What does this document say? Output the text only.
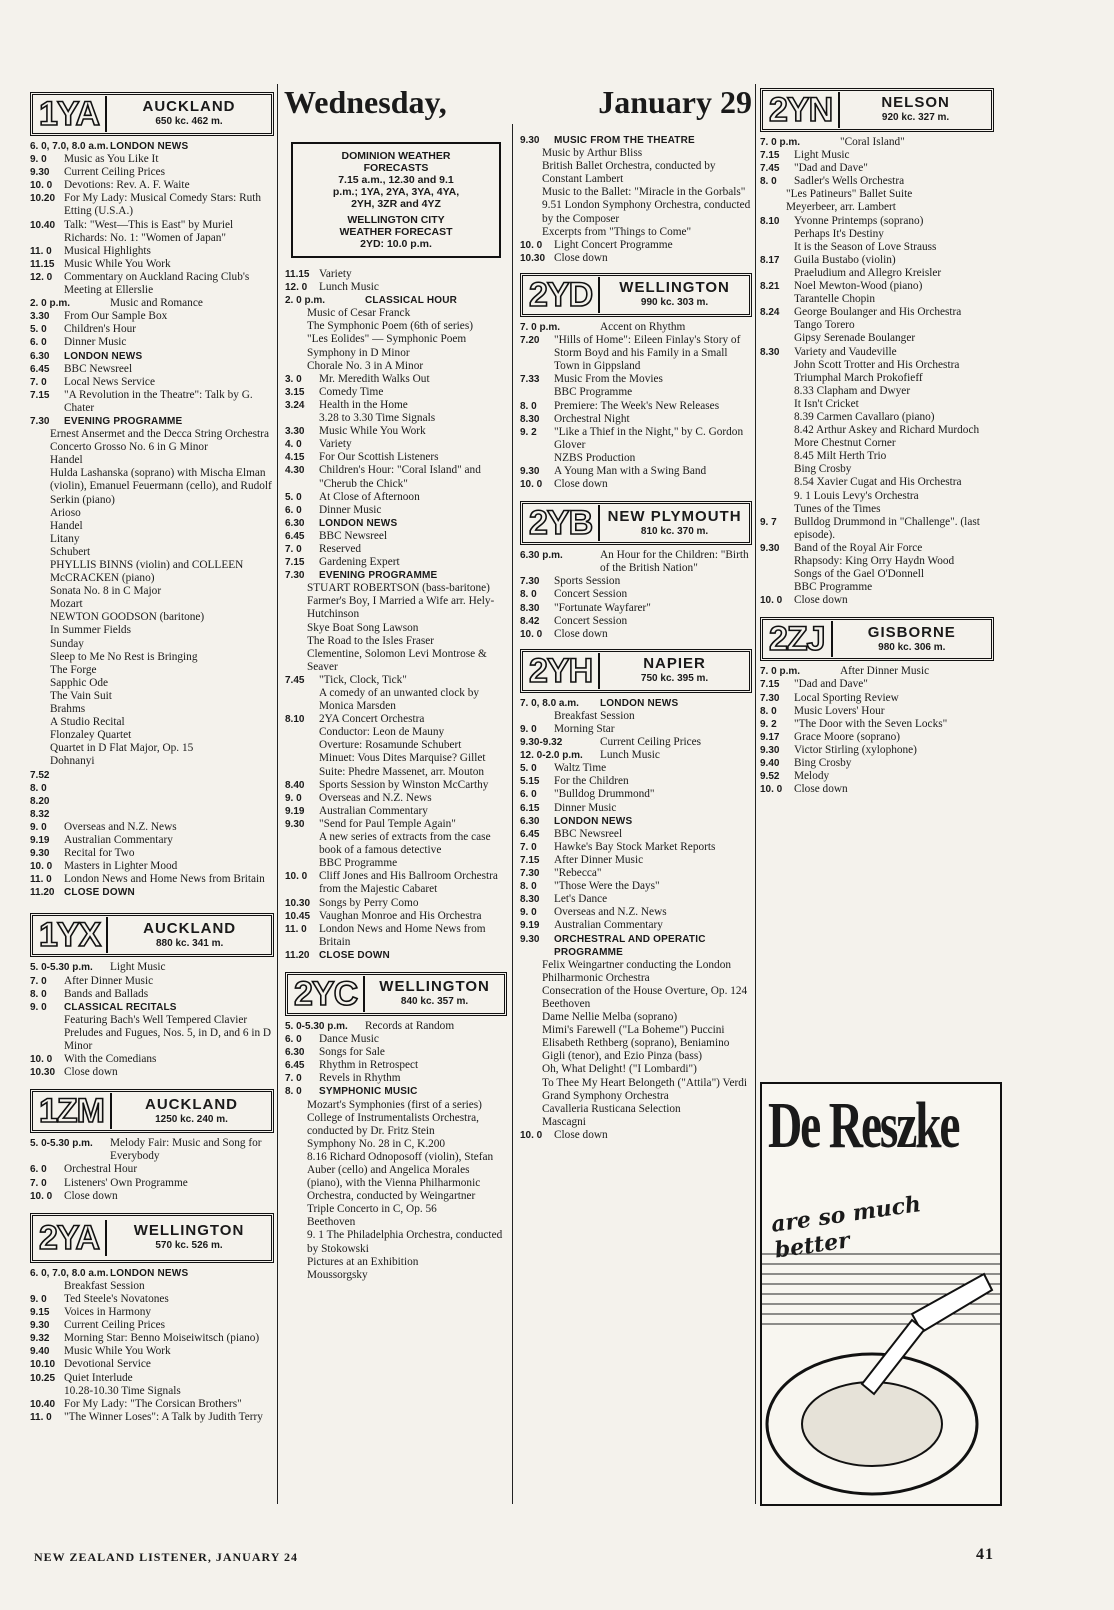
Wednesday,	January 29
1YA	AUCKLAND
650 kc. 462 m.
6. 0, 7.0, 8.0 a.m. LONDON NEWS
9. 0	Music as You Like It
9.30	Current Ceiling Prices
10. 0	Devotions: Rev. A. F. Waite
10.20 For My Lady: Musical Comedy Stars: Ruth Etting (U.S.A.)
10.40 Talk: "West—This is East" by Muriel Richards: No. 1: "Women of Japan"
11. 0	Musical Highlights
11.15 Music While You Work
12. 0	Commentary on Auckland Racing Club's Meeting at Ellerslie
2. 0 p.m.	Music and Romance
3.30	From Our Sample Box
5. 0	Children's Hour
6. 0	Dinner Music
6.30	LONDON NEWS
6.45	BBC Newsreel
7. 0	Local News Service
7.15	"A Revolution in the Theatre": Talk by G. Chater
7.30	EVENING PROGRAMME
Ernest Ansermet and the Decca String Orchestra
Concerto Grosso No. 6 in G Minor
Handel
Hulda Lashanska (soprano) with Mischa Elman (violin), Emanuel Feuermann (cello), and Rudolf Serkin (piano)
Arioso
Handel
Litany
Schubert
PHYLLIS BINNS (violin) and COLLEEN McCRACKEN (piano)
Sonata No. 8 in C Major
Mozart
NEWTON GOODSON (baritone)
In Summer Fields
Sunday
Sleep to Me No Rest is Bringing
The Forge
Sapphic Ode
The Vain Suit
Brahms
A Studio Recital
Flonzaley Quartet
Quartet in D Flat Major, Op. 15
Dohnanyi
7.52
8. 0
8.20
8.32
9. 0	Overseas and N.Z. News
9.19	Australian Commentary
9.30	Recital for Two
10. 0	Masters in Lighter Mood
11. 0	London News and Home News from Britain
11.20 CLOSE DOWN
1YX	AUCKLAND
880 kc. 341 m.
5. 0-5.30 p.m.	Light Music
7. 0	After Dinner Music
8. 0	Bands and Ballads
9. 0	CLASSICAL RECITALS
Featuring Bach's Well Tempered Clavier
Preludes and Fugues, Nos. 5, in D, and 6 in D Minor
10. 0	With the Comedians
10.30 Close down
1ZM	AUCKLAND
1250 kc. 240 m.
5. 0-5.30 p.m.	Melody Fair: Music and Song for Everybody
6. 0	Orchestral Hour
7. 0	Listeners' Own Programme
10. 0	Close down
2YA	WELLINGTON
570 kc. 526 m.
6. 0, 7.0, 8.0 a.m. LONDON NEWS
Breakfast Session
9. 0	Ted Steele's Novatones
9.15	Voices in Harmony
9.30	Current Ceiling Prices
9.32	Morning Star: Benno Moiseiwitsch (piano)
9.40	Music While You Work
10.10 Devotional Service
10.25 Quiet Interlude
10.28-10.30 Time Signals
10.40 For My Lady: "The Corsican Brothers"
11. 0	"The Winner Loses": A Talk by Judith Terry
DOMINION WEATHER
FORECASTS
7.15 a.m., 12.30 and 9.1
p.m.; 1YA, 2YA, 3YA, 4YA,
2YH, 3ZR and 4YZ
WELLINGTON CITY
WEATHER FORECAST
2YD: 10.0 p.m.
11.15 Variety
12. 0	Lunch Music
2. 0 p.m.	CLASSICAL HOUR
Music of Cesar Franck
The Symphonic Poem (6th of series)
"Les Eolides" — Symphonic Poem
Symphony in D Minor
Chorale No. 3 in A Minor
3. 0	Mr. Meredith Walks Out
3.15	Comedy Time
3.24	Health in the Home
3.28 to 3.30 Time Signals
3.30	Music While You Work
4. 0	Variety
4.15	For Our Scottish Listeners
4.30	Children's Hour: "Coral Island" and "Cherub the Chick"
5. 0	At Close of Afternoon
6. 0	Dinner Music
6.30	LONDON NEWS
6.45	BBC Newsreel
7. 0	Reserved
7.15	Gardening Expert
7.30	EVENING PROGRAMME
STUART ROBERTSON (bass-baritone)
Farmer's Boy, I Married a Wife arr. Hely-Hutchinson
Skye Boat Song Lawson
The Road to the Isles Fraser
Clementine, Solomon Levi Montrose & Seaver
7.45	"Tick, Clock, Tick"
A comedy of an unwanted clock by Monica Marsden
8.10	2YA Concert Orchestra
Conductor: Leon de Mauny
Overture: Rosamunde Schubert
Minuet: Vous Dites Marquise? Gillet
Suite: Phedre Massenet, arr. Mouton
8.40	Sports Session by Winston McCarthy
9. 0	Overseas and N.Z. News
9.19	Australian Commentary
9.30	"Send for Paul Temple Again"
A new series of extracts from the case book of a famous detective
BBC Programme
10. 0	Cliff Jones and His Ballroom Orchestra from the Majestic Cabaret
10.30 Songs by Perry Como
10.45 Vaughan Monroe and His Orchestra
11. 0	London News and Home News from Britain
11.20 CLOSE DOWN
2YC	WELLINGTON
840 kc. 357 m.
5. 0-5.30 p.m.	Records at Random
6. 0	Dance Music
6.30	Songs for Sale
6.45	Rhythm in Retrospect
7. 0	Revels in Rhythm
8. 0	SYMPHONIC MUSIC
Mozart's Symphonies (first of a series)
College of Instrumentalists Orchestra, conducted by Dr. Fritz Stein
Symphony No. 28 in C, K.200
8.16 Richard Odnoposoff (violin), Stefan Auber (cello) and Angelica Morales (piano), with the Vienna Philharmonic Orchestra, conducted by Weingartner
Triple Concerto in C, Op. 56
Beethoven
9. 1 The Philadelphia Orchestra, conducted by Stokowski
Pictures at an Exhibition
Moussorgsky
9.30	MUSIC FROM THE THEATRE
Music by Arthur Bliss
British Ballet Orchestra, conducted by Constant Lambert
Music to the Ballet: "Miracle in the Gorbals"
9.51 London Symphony Orchestra, conducted by the Composer
Excerpts from "Things to Come"
10. 0	Light Concert Programme
10.30 Close down
2YD	WELLINGTON
990 kc. 303 m.
7. 0 p.m.	Accent on Rhythm
7.20	"Hills of Home": Eileen Finlay's Story of Storm Boyd and his Family in a Small Town in Gippsland
7.33	Music From the Movies
BBC Programme
8. 0	Premiere: The Week's New Releases
8.30	Orchestral Night
9. 2	"Like a Thief in the Night," by C. Gordon Glover
NZBS Production
9.30	A Young Man with a Swing Band
10. 0	Close down
2YB	NEW PLYMOUTH
810 kc. 370 m.
6.30 p.m.	An Hour for the Children: "Birth of the British Nation"
7.30	Sports Session
8. 0	Concert Session
8.30	"Fortunate Wayfarer"
8.42	Concert Session
10. 0	Close down
2YH	NAPIER
750 kc. 395 m.
7. 0, 8.0 a.m.	LONDON NEWS
Breakfast Session
9. 0	Morning Star
9.30-9.32	Current Ceiling Prices
12. 0-2.0 p.m.	Lunch Music
5. 0	Waltz Time
5.15	For the Children
6. 0	"Bulldog Drummond"
6.15	Dinner Music
6.30	LONDON NEWS
6.45	BBC Newsreel
7. 0	Hawke's Bay Stock Market Reports
7.15	After Dinner Music
7.30	"Rebecca"
8. 0	"Those Were the Days"
8.30	Let's Dance
9. 0	Overseas and N.Z. News
9.19	Australian Commentary
9.30	ORCHESTRAL AND OPERATIC PROGRAMME
Felix Weingartner conducting the London Philharmonic Orchestra
Consecration of the House Overture, Op. 124
Beethoven
Dame Nellie Melba (soprano)
Mimi's Farewell ("La Boheme") Puccini
Elisabeth Rethberg (soprano), Beniamino Gigli (tenor), and Ezio Pinza (bass)
Oh, What Delight! ("I Lombardi")
To Thee My Heart Belongeth ("Attila") Verdi
Grand Symphony Orchestra
Cavalleria Rusticana Selection
Mascagni
10. 0	Close down
2YN	NELSON
920 kc. 327 m.
7. 0 p.m.	"Coral Island"
7.15	Light Music
7.45	"Dad and Dave"
8. 0	Sadler's Wells Orchestra
"Les Patineurs" Ballet Suite
Meyerbeer, arr. Lambert
8.10	Yvonne Printemps (soprano)
Perhaps It's Destiny
It is the Season of Love Strauss
8.17	Guila Bustabo (violin)
Praeludium and Allegro Kreisler
8.21	Noel Mewton-Wood (piano)
Tarantelle Chopin
8.24	George Boulanger and His Orchestra
Tango Torero
Gipsy Serenade Boulanger
8.30	Variety and Vaudeville
John Scott Trotter and His Orchestra
Triumphal March Prokofieff
8.33 Clapham and Dwyer
It Isn't Cricket
8.39 Carmen Cavallaro (piano)
8.42 Arthur Askey and Richard Murdoch
More Chestnut Corner
8.45 Milt Herth Trio
Bing Crosby
8.54 Xavier Cugat and His Orchestra
9. 1 Louis Levy's Orchestra
Tunes of the Times
9. 7	Bulldog Drummond in "Challenge". (last episode).
9.30	Band of the Royal Air Force
Rhapsody: King Orry Haydn Wood
Songs of the Gael O'Donnell
BBC Programme
10. 0	Close down
2ZJ	GISBORNE
980 kc. 306 m.
7. 0 p.m.	After Dinner Music
7.15	"Dad and Dave"
7.30	Local Sporting Review
8. 0	Music Lovers' Hour
9. 2	"The Door with the Seven Locks"
9.17	Grace Moore (soprano)
9.30	Victor Stirling (xylophone)
9.40	Bing Crosby
9.52	Melody
10. 0	Close down
De Reszke
are so much better
NEW ZEALAND LISTENER, JANUARY 24	41
